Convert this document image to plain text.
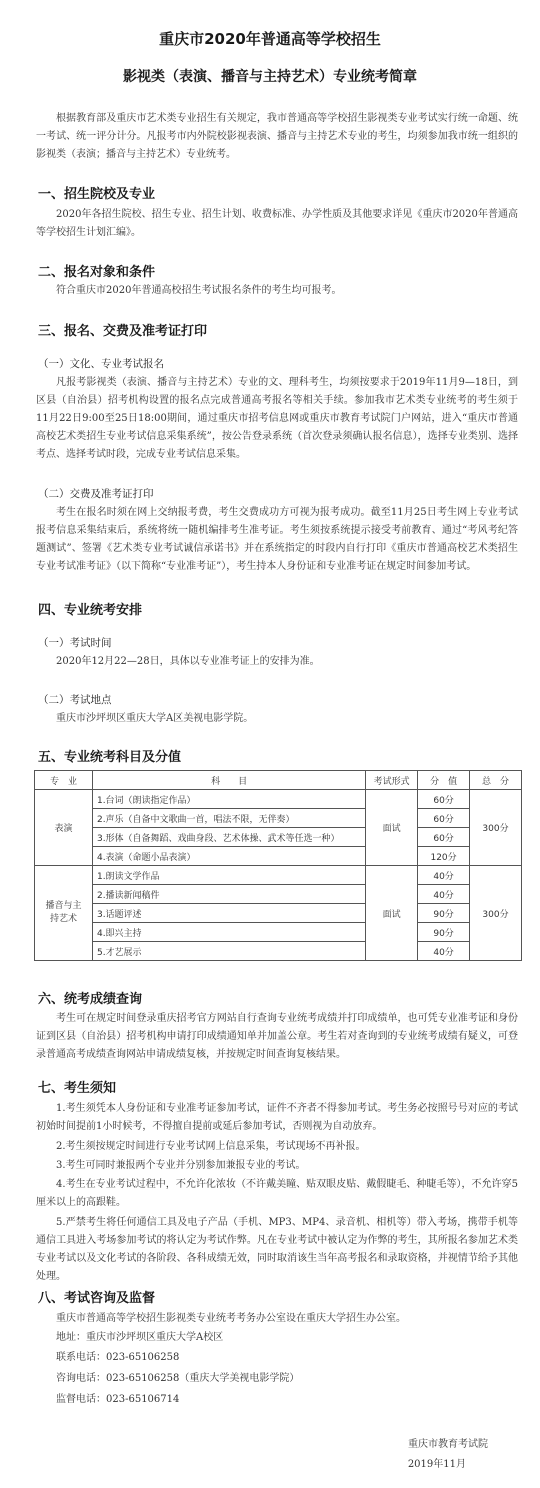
重庆市2020年普通高等学校招生
影视类（表演、播音与主持艺术）专业统考简章
根据教育部及重庆市艺术类专业招生有关规定，我市普通高等学校招生影视类专业考试实行统一命题、统一考试、统一评分计分。凡报考市内外院校影视表演、播音与主持艺术专业的考生，均须参加我市统一组织的影视类（表演；播音与主持艺术）专业统考。
一、招生院校及专业
2020年各招生院校、招生专业、招生计划、收费标准、办学性质及其他要求详见《重庆市2020年普通高等学校招生计划汇编》。
二、报名对象和条件
符合重庆市2020年普通高校招生考试报名条件的考生均可报考。
三、报名、交费及准考证打印
（一）文化、专业考试报名
凡报考影视类（表演、播音与主持艺术）专业的文、理科考生，均须按要求于2019年11月9—18日，到区县（自治县）招考机构设置的报名点完成普通高考报名等相关手续。参加我市艺术类专业统考的考生须于11月22日9:00至25日18:00期间，通过重庆市招考信息网或重庆市教育考试院门户网站，进入“重庆市普通高校艺术类招生专业考试信息采集系统”，按公告登录系统（首次登录须确认报名信息），选择专业类别、选择考点、选择考试时段，完成专业考试信息采集。
（二）交费及准考证打印
考生在报名时须在网上交纳报考费，考生交费成功方可视为报考成功。截至11月25日考生网上专业考试报考信息采集结束后，系统将统一随机编排考生准考证。考生须按系统提示接受考前教育、通过“考风考纪答题测试”、签署《艺术类专业考试诚信承诺书》并在系统指定的时段内自行打印《重庆市普通高校艺术类招生专业考试准考证》（以下简称“专业准考证”），考生持本人身份证和专业准考证在规定时间参加考试。
四、专业统考安排
（一）考试时间
2020年12月22—28日，具体以专业准考证上的安排为准。
（二）考试地点
重庆市沙坪坝区重庆大学A区美视电影学院。
五、专业统考科目及分值
专　业	科　　目	考试形式	分　值	总　分
表演	1.台词（朗读指定作品）	面试	60分	300分
	2.声乐（自备中文歌曲一首，唱法不限，无伴奏）		60分	
	3.形体（自备舞蹈、戏曲身段、艺术体操、武术等任选一种）		60分	
	4.表演（命题小品表演）		120分	

播音与主持艺术	1.朗读文学作品	面试	40分	300分
	2.播读新闻稿件		40分	
	3.话题评述		90分	
	4.即兴主持		90分	
	5.才艺展示		40分	
六、统考成绩查询
考生可在规定时间登录重庆招考官方网站自行查询专业统考成绩并打印成绩单，也可凭专业准考证和身份证到区县（自治县）招考机构申请打印成绩通知单并加盖公章。考生若对查询到的专业统考成绩有疑义，可登录普通高考成绩查询网站申请成绩复核，并按规定时间查询复核结果。
七、考生须知
1.考生须凭本人身份证和专业准考证参加考试，证件不齐者不得参加考试。考生务必按照号号对应的考试初始时间提前1小时候考，不得擅自提前或延后参加考试，否则视为自动放弃。
2.考生须按规定时间进行专业考试网上信息采集，考试现场不再补报。
3.考生可同时兼报两个专业并分别参加兼报专业的考试。
4.考生在专业考试过程中，不允许化浓妆（不许戴美瞳、贴双眼皮贴、戴假睫毛、种睫毛等），不允许穿5厘米以上的高跟鞋。
5.严禁考生将任何通信工具及电子产品（手机、MP3、MP4、录音机、相机等）带入考场，携带手机等通信工具进入考场参加考试的将认定为考试作弊。凡在专业考试中被认定为作弊的考生，其所报名参加艺术类专业考试以及文化考试的各阶段、各科成绩无效，同时取消该生当年高考报名和录取资格，并视情节给予其他处理。
八、考试咨询及监督
重庆市普通高等学校招生影视类专业统考考务办公室设在重庆大学招生办公室。
地址：重庆市沙坪坝区重庆大学A校区
联系电话：023-65106258
咨询电话：023-65106258（重庆大学美视电影学院）
监督电话：023-65106714
重庆市教育考试院
2019年11月
